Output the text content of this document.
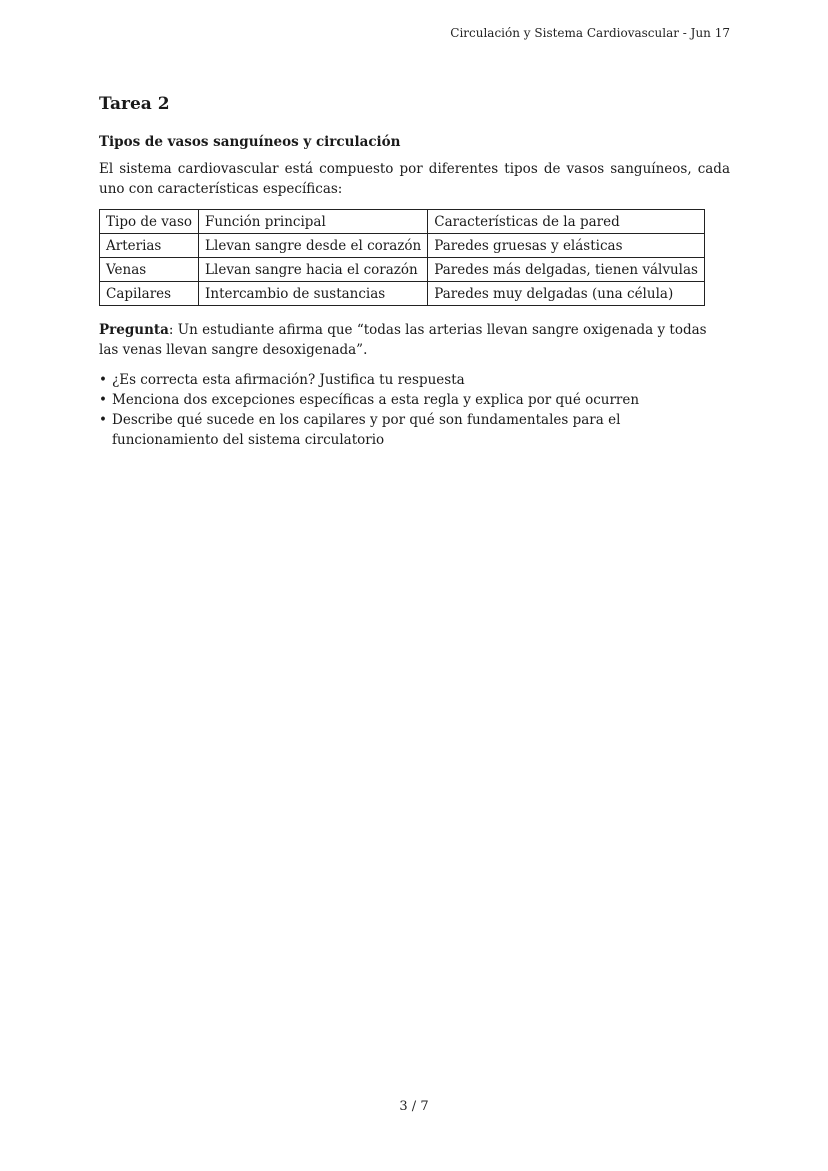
Circulación y Sistema Cardiovascular - Jun 17
Tarea 2
Tipos de vasos sanguíneos y circulación

El sistema cardiovascular está compuesto por diferentes tipos de vasos sanguíneos, cada uno con características específicas:

Tipo de vaso	Función principal	Características de la pared
Arterias	Llevan sangre desde el corazón	Paredes gruesas y elásticas
Venas	Llevan sangre hacia el corazón	Paredes más delgadas, tienen válvulas
Capilares	Intercambio de sustancias	Paredes muy delgadas (una célula)

Pregunta: Un estudiante afirma que “todas las arterias llevan sangre oxigenada y todas las venas llevan sangre desoxigenada”.

• ¿Es correcta esta afirmación? Justifica tu respuesta
• Menciona dos excepciones específicas a esta regla y explica por qué ocurren
• Describe qué sucede en los capilares y por qué son fundamentales para el funcionamiento del sistema circulatorio
3 / 7
